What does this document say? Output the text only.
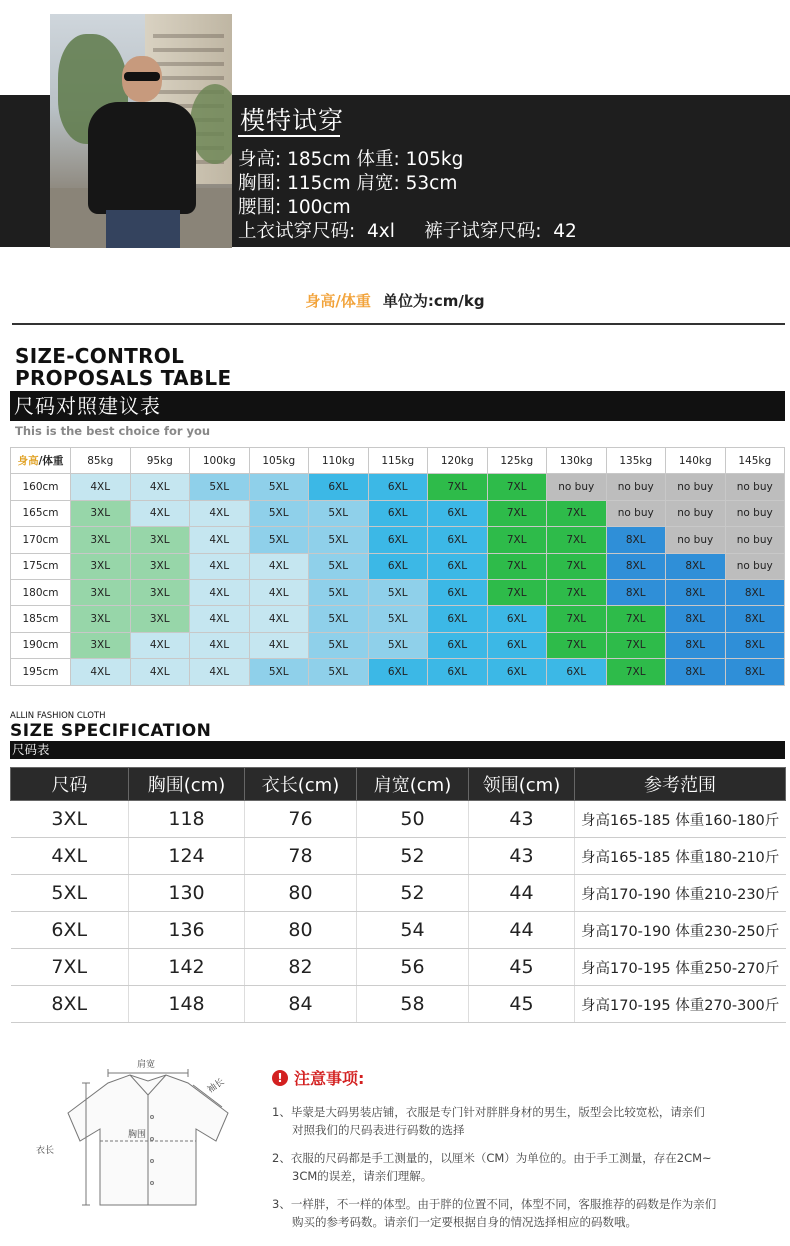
模特试穿
身高: 185cm 体重: 105kg
胸围: 115cm 肩宽: 53cm
腰围: 100cm
上衣试穿尺码:  4xl     裤子试穿尺码:  42
身高/体重 单位为:cm/kg
SIZE-CONTROL
PROPOSALS TABLE
尺码对照建议表
This is the best choice for you
身高/体重	85kg	95kg	100kg	105kg	110kg	115kg	120kg	125kg	130kg	135kg	140kg	145kg
160cm	4XL	4XL	5XL	5XL	6XL	6XL	7XL	7XL	no buy	no buy	no buy	no buy
165cm	3XL	4XL	4XL	5XL	5XL	6XL	6XL	7XL	7XL	no buy	no buy	no buy
170cm	3XL	3XL	4XL	5XL	5XL	6XL	6XL	7XL	7XL	8XL	no buy	no buy
175cm	3XL	3XL	4XL	4XL	5XL	6XL	6XL	7XL	7XL	8XL	8XL	no buy
180cm	3XL	3XL	4XL	4XL	5XL	5XL	6XL	7XL	7XL	8XL	8XL	8XL
185cm	3XL	3XL	4XL	4XL	5XL	5XL	6XL	6XL	7XL	7XL	8XL	8XL
190cm	3XL	4XL	4XL	4XL	5XL	5XL	6XL	6XL	7XL	7XL	8XL	8XL
195cm	4XL	4XL	4XL	5XL	5XL	6XL	6XL	6XL	6XL	7XL	8XL	8XL
ALLIN FASHION CLOTH
SIZE SPECIFICATION
尺码表
尺码	胸围(cm)	衣长(cm)	肩宽(cm)	领围(cm)	参考范围
3XL	118	76	50	43	身高165-185 体重160-180斤
4XL	124	78	52	43	身高165-185 体重180-210斤
5XL	130	80	52	44	身高170-190 体重210-230斤
6XL	136	80	54	44	身高170-190 体重230-250斤
7XL	142	82	56	45	身高170-195 体重250-270斤
8XL	148	84	58	45	身高170-195 体重270-300斤
肩宽
袖长
胸围
衣长
! 注意事项:

1、毕蒙是大码男装店铺，衣服是专门针对胖胖身材的男生，版型会比较宽松，请亲们
对照我们的尺码表进行码数的选择

2、衣服的尺码都是手工测量的，以厘米（CM）为单位的。由于手工测量，存在2CM~
3CM的误差，请亲们理解。

3、一样胖，不一样的体型。由于胖的位置不同，体型不同，客服推荐的码数是作为亲们
购买的参考码数。请亲们一定要根据自身的情况选择相应的码数哦。
